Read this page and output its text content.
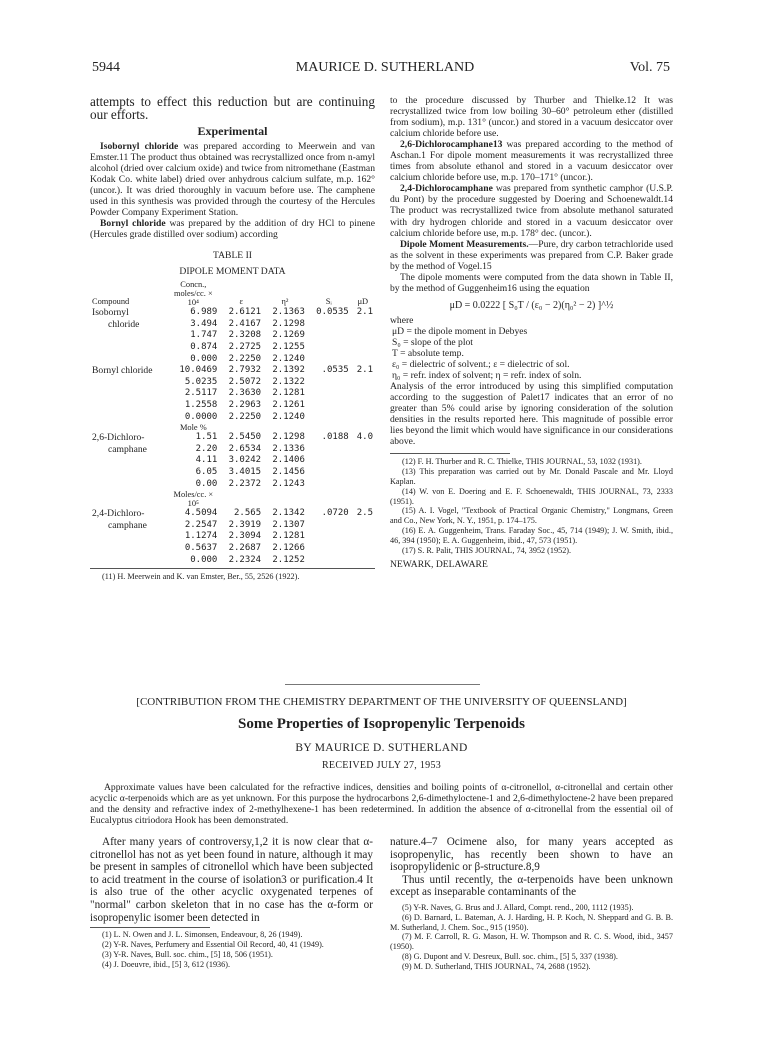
5944	MAURICE D. SUTHERLAND	Vol. 75
attempts to effect this reduction but are continuing our efforts.
Experimental

Isobornyl chloride was prepared according to Meerwein and van Emster.11 The product thus obtained was recrystallized once from n-amyl alcohol (dried over calcium oxide) and twice from nitromethane (Eastman Kodak Co. white label) dried over anhydrous calcium sulfate, m.p. 162° (uncor.). It was dried thoroughly in vacuum before use. The camphene used in this synthesis was provided through the courtesy of the Hercules Powder Company Experiment Station.

Bornyl chloride was prepared by the addition of dry HCl to pinene (Hercules grade distilled over sodium) according

TABLE II
DIPOLE MOMENT DATA
Compound	Concn., moles/cc. × 10⁴	ε	η²	Sᵢ	μD
Isobornyl	6.989	2.6121	2.1363	0.0535	2.1
chloride	3.494	2.4167	2.1298		
	1.747	2.3208	2.1269		
	0.874	2.2725	2.1255		
	0.000	2.2250	2.1240		
Bornyl chloride	10.0469	2.7932	2.1392	.0535	2.1
	5.0235	2.5072	2.1322		
	2.5117	2.3630	2.1281		
	1.2558	2.2963	2.1261		
	0.0000	2.2250	2.1240		
	Mole %				
2,6-Dichloro-	1.51	2.5450	2.1298	.0188	4.0
camphane	2.20	2.6534	2.1336		
	4.11	3.0242	2.1406		
	6.05	3.4015	2.1456		
	0.00	2.2372	2.1243		
	Moles/cc. × 10⁵				
2,4-Dichloro-	4.5094	2.565	2.1342	.0720	2.5
camphane	2.2547	2.3919	2.1307		
	1.1274	2.3094	2.1281		
	0.5637	2.2687	2.1266		
	0.000	2.2324	2.1252		

(11) H. Meerwein and K. van Emster, Ber., 55, 2526 (1922).

to the procedure discussed by Thurber and Thielke.12 It was recrystallized twice from low boiling 30–60° petroleum ether (distilled from sodium), m.p. 131° (uncor.) and stored in a vacuum desiccator over calcium chloride before use.

2,6-Dichlorocamphane13 was prepared according to the method of Aschan.1 For dipole moment measurements it was recrystallized three times from absolute ethanol and stored in a vacuum desiccator over calcium chloride before use, m.p. 170–171° (uncor.).

2,4-Dichlorocamphane was prepared from synthetic camphor (U.S.P. du Pont) by the procedure suggested by Doering and Schoenewaldt.14 The product was recrystallized twice from absolute methanol saturated with dry hydrogen chloride and stored in a vacuum desiccator over calcium chloride before use, m.p. 178° dec. (uncor.).

Dipole Moment Measurements.—Pure, dry carbon tetrachloride used as the solvent in these experiments was prepared from C.P. Baker grade by the method of Vogel.15

The dipole moments were computed from the data shown in Table II, by the method of Guggenheim16 using the equation

μD = 0.0222 [ S₀T / (ε₀ − 2)(η₀² − 2) ]^½

where

μD = the dipole moment in Debyes

S₀ = slope of the plot

T = absolute temp.

ε₀ = dielectric of solvent.; ε = dielectric of sol.

η₀ = refr. index of solvent; η = refr. index of soln.

Analysis of the error introduced by using this simplified computation according to the suggestion of Palet17 indicates that an error of no greater than 5% could arise by ignoring consideration of the solution densities in the results reported here. This magnitude of possible error lies beyond the limit which would have significance in our considerations above.

(12) F. H. Thurber and R. C. Thielke, THIS JOURNAL, 53, 1032 (1931).

(13) This preparation was carried out by Mr. Donald Pascale and Mr. Lloyd Kaplan.

(14) W. von E. Doering and E. F. Schoenewaldt, THIS JOURNAL, 73, 2333 (1951).

(15) A. I. Vogel, "Textbook of Practical Organic Chemistry," Longmans, Green and Co., New York, N. Y., 1951, p. 174–175.

(16) E. A. Guggenheim, Trans. Faraday Soc., 45, 714 (1949); J. W. Smith, ibid., 46, 394 (1950); E. A. Guggenheim, ibid., 47, 573 (1951).

(17) S. R. Palit, THIS JOURNAL, 74, 3952 (1952).

NEWARK, DELAWARE
[CONTRIBUTION FROM THE CHEMISTRY DEPARTMENT OF THE UNIVERSITY OF QUEENSLAND]
Some Properties of Isopropenylic Terpenoids
BY MAURICE D. SUTHERLAND
RECEIVED JULY 27, 1953
Approximate values have been calculated for the refractive indices, densities and boiling points of α-citronellol, α-citronellal and certain other acyclic α-terpenoids which are as yet unknown. For this purpose the hydrocarbons 2,6-dimethyloctene-1 and 2,6-dimethyloctene-2 have been prepared and the density and refractive index of 2-methylhexene-1 has been redetermined. In addition the absence of α-citronellal from the essential oil of Eucalyptus citriodora Hook has been demonstrated.

After many years of controversy,1,2 it is now clear that α-citronellol has not as yet been found in nature, although it may be present in samples of citronellol which have been subjected to acid treatment in the course of isolation3 or purification.4 It is also true of the other acyclic oxygenated terpenes of "normal" carbon skeleton that in no case has the α-form or isopropenylic isomer been detected in

(1) L. N. Owen and J. L. Simonsen, Endeavour, 8, 26 (1949).

(2) Y-R. Naves, Perfumery and Essential Oil Record, 40, 41 (1949).

(3) Y-R. Naves, Bull. soc. chim., [5] 18, 506 (1951).

(4) J. Doeuvre, ibid., [5] 3, 612 (1936).

nature.4–7 Ocimene also, for many years accepted as isopropenylic, has recently been shown to have an isopropylidenic or β-structure.8,9

Thus until recently, the α-terpenoids have been unknown except as inseparable contaminants of the

(5) Y-R. Naves, G. Brus and J. Allard, Compt. rend., 200, 1112 (1935).

(6) D. Barnard, L. Bateman, A. J. Harding, H. P. Koch, N. Sheppard and G. B. B. M. Sutherland, J. Chem. Soc., 915 (1950).

(7) M. F. Carroll, R. G. Mason, H. W. Thompson and R. C. S. Wood, ibid., 3457 (1950).

(8) G. Dupont and V. Desreux, Bull. soc. chim., [5] 5, 337 (1938).

(9) M. D. Sutherland, THIS JOURNAL, 74, 2688 (1952).
